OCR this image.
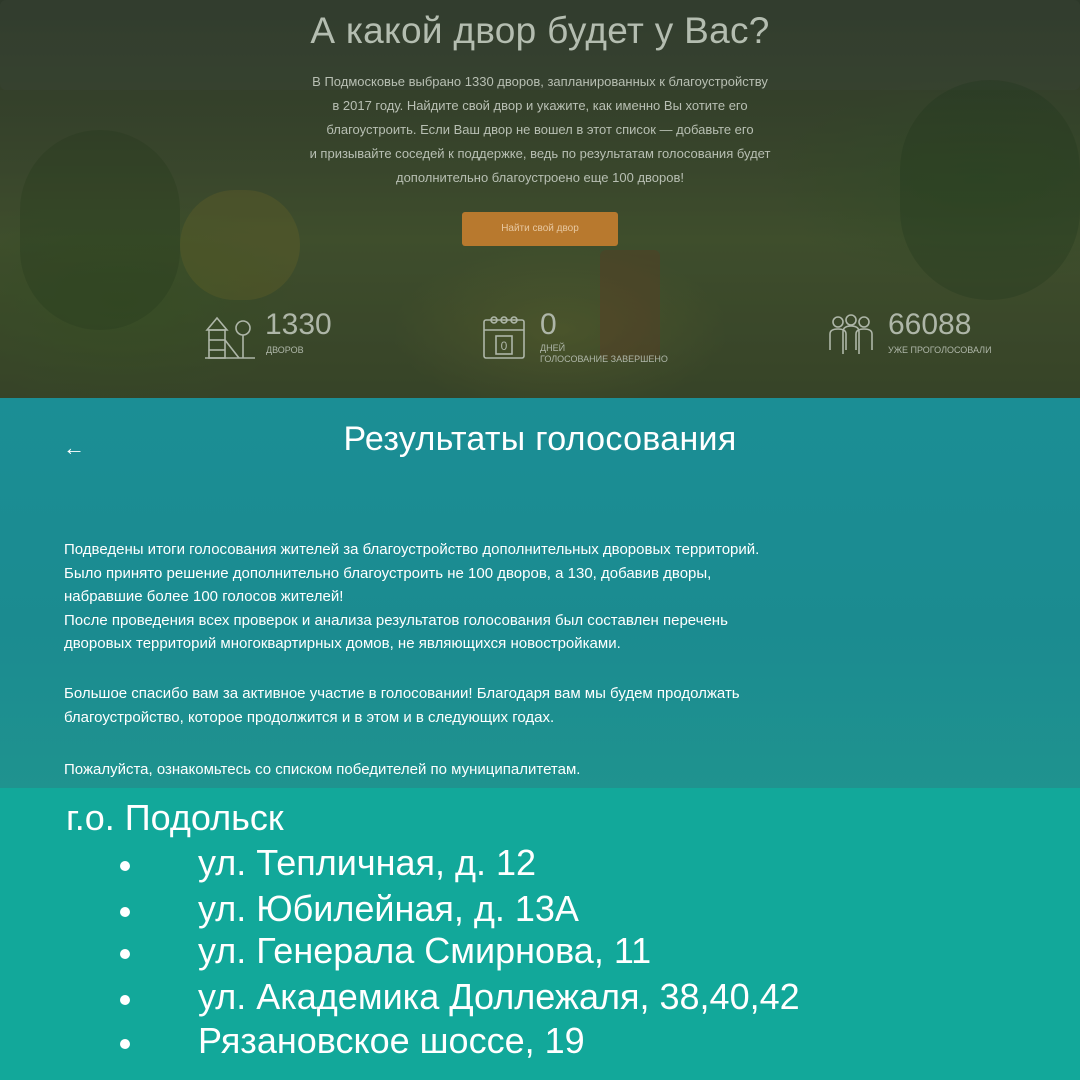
А какой двор будет у Вас?
В Подмосковье выбрано 1330 дворов, запланированных к благоустройству
в 2017 году. Найдите свой двор и укажите, как именно Вы хотите его
благоустроить. Если Ваш двор не вошел в этот список — добавьте его
и призывайте соседей к поддержке, ведь по результатам голосования будет
дополнительно благоустроено еще 100 дворов!
Найти свой двор
1330
ДВОРОВ	0
0
ДНЕЙ
ГОЛОСОВАНИЕ ЗАВЕРШЕНО
66088
УЖЕ ПРОГОЛОСОВАЛИ
←	Результаты голосования
Подведены итоги голосования жителей за благоустройство дополнительных дворовых территорий.
Было принято решение дополнительно благоустроить не 100 дворов, а 130, добавив дворы,
набравшие более 100 голосов жителей!
После проведения всех проверок и анализа результатов голосования был составлен перечень
дворовых территорий многоквартирных домов, не являющихся новостройками.
Большое спасибо вам за активное участие в голосовании! Благодаря вам мы будем продолжать
благоустройство, которое продолжится и в этом и в следующих годах.
Пожалуйста, ознакомьтесь со списком победителей по муниципалитетам.
г.о. Подольск
ул. Тепличная, д. 12
ул. Юбилейная, д. 13А
ул. Генерала Смирнова, 11
ул. Академика Доллежаля, 38,40,42
Рязановское шоссе, 19
